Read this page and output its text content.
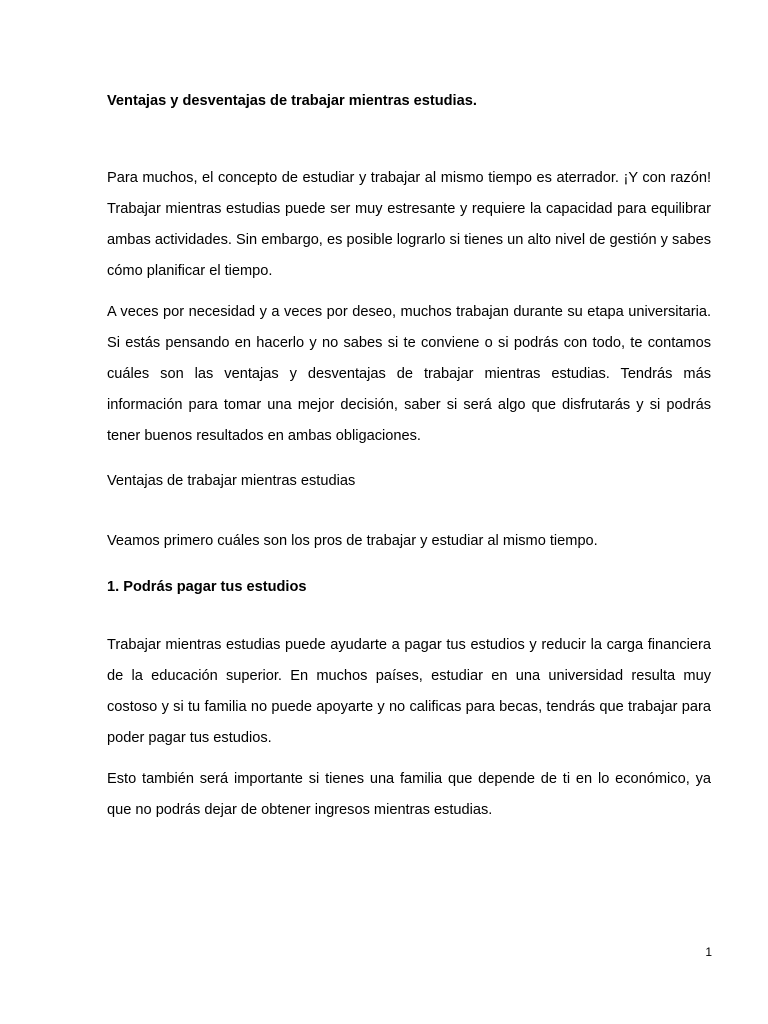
Ventajas y desventajas de trabajar mientras estudias.

Para muchos, el concepto de estudiar y trabajar al mismo tiempo es aterrador. ¡Y con razón! Trabajar mientras estudias puede ser muy estresante y requiere la capacidad para equilibrar ambas actividades. Sin embargo, es posible lograrlo si tienes un alto nivel de gestión y sabes cómo planificar el tiempo.

A veces por necesidad y a veces por deseo, muchos trabajan durante su etapa universitaria. Si estás pensando en hacerlo y no sabes si te conviene o si podrás con todo, te contamos cuáles son las ventajas y desventajas de trabajar mientras estudias. Tendrás más información para tomar una mejor decisión, saber si será algo que disfrutarás y si podrás tener buenos resultados en ambas obligaciones.

Ventajas de trabajar mientras estudias

Veamos primero cuáles son los pros de trabajar y estudiar al mismo tiempo.

1. Podrás pagar tus estudios

Trabajar mientras estudias puede ayudarte a pagar tus estudios y reducir la carga financiera de la educación superior. En muchos países, estudiar en una universidad resulta muy costoso y si tu familia no puede apoyarte y no calificas para becas, tendrás que trabajar para poder pagar tus estudios.

Esto también será importante si tienes una familia que depende de ti en lo económico, ya que no podrás dejar de obtener ingresos mientras estudias.

1
